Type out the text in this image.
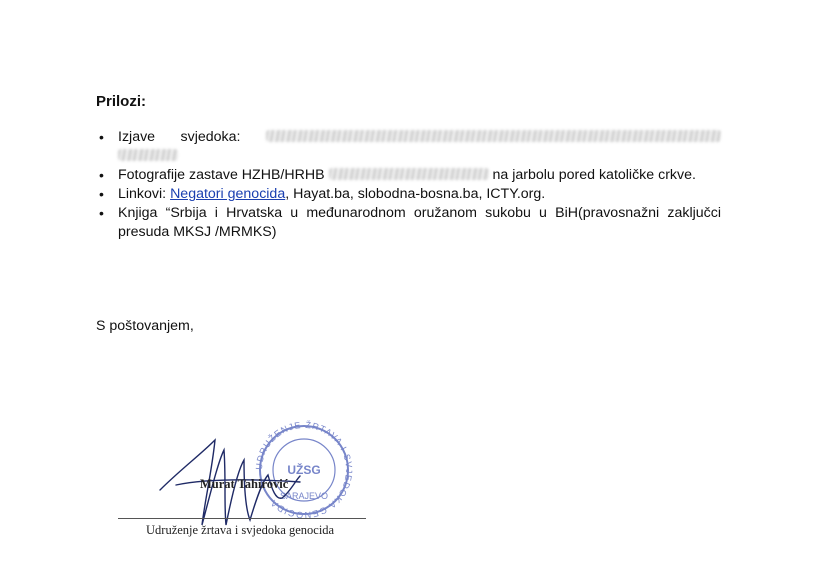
Prilozi:
• Izjave svjedoka:
• Fotografije zastave HZHB/HRHB	na jarbolu pored katoličke crkve.
• Linkovi: Negatori genocida, Hayat.ba, slobodna-bosna.ba, ICTY.org.
• Knjiga “Srbija i Hrvatska u međunarodnom oružanom sukobu u BiH(pravosnažni zaključci presuda MKSJ /MRMKS)
S poštovanjem,
UDRUŽENJE ŽRTAVA I SVJEDOKA GENOCIDA
UŽSG
SARAJEVO
Murat Tahirović
Udruženje žrtava i svjedoka genocida
